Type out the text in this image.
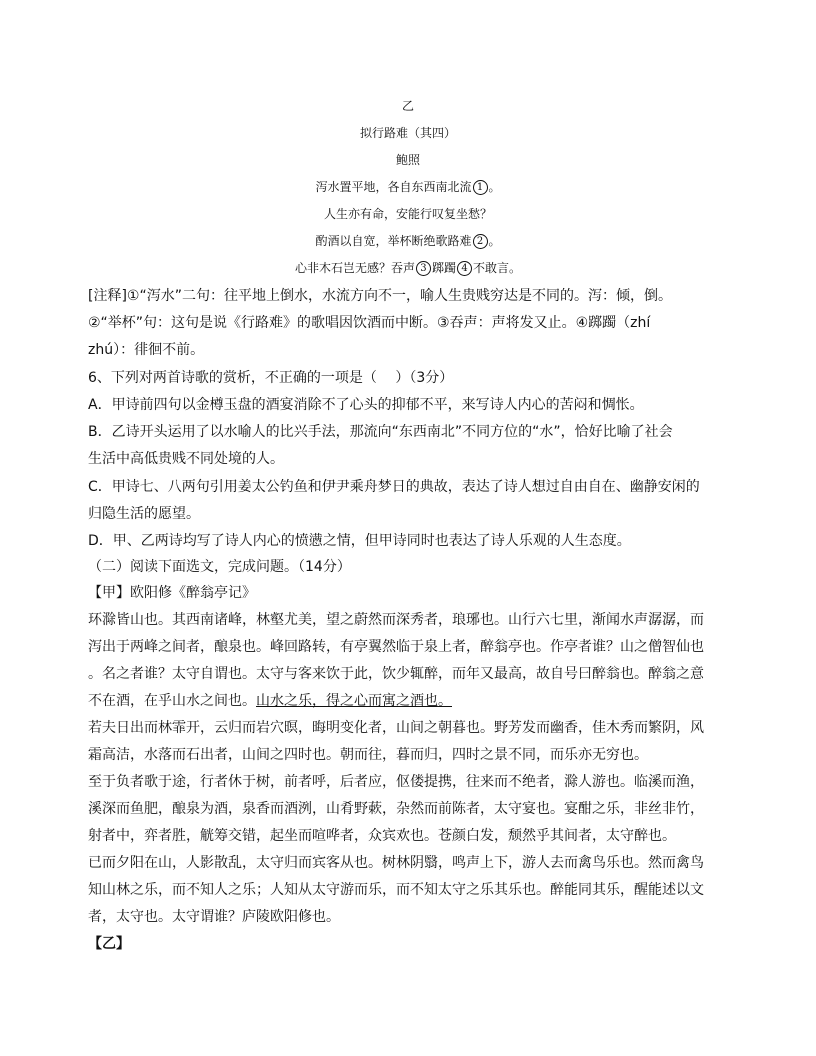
乙
拟行路难（其四）
鲍照
泻水置平地，各自东西南北流 1 。
人生亦有命，安能行叹复坐愁？
酌酒以自宽，举杯断绝歌路难 2 。
心非木石岂无感？吞声 3 踯躅 4 不敢言。
[注释]①“泻水”二句：往平地上倒水，水流方向不一，喻人生贵贱穷达是不同的。泻：倾，倒。
②“举杯”句：这句是说《行路难》的歌唱因饮酒而中断。③吞声：声将发又止。④踯躅（zhí
zhú）：徘徊不前。
6、下列对两首诗歌的赏析，不正确的一项是（　 ）（3分）
A．甲诗前四句以金樽玉盘的酒宴消除不了心头的抑郁不平，来写诗人内心的苦闷和惆怅。
B．乙诗开头运用了以水喻人的比兴手法，那流向“东西南北”不同方位的“水”，恰好比喻了社会
生活中高低贵贱不同处境的人。
C．甲诗七、八两句引用姜太公钓鱼和伊尹乘舟梦日的典故，表达了诗人想过自由自在、幽静安闲的
归隐生活的愿望。
D．甲、乙两诗均写了诗人内心的愤懑之情，但甲诗同时也表达了诗人乐观的人生态度。
（二）阅读下面选文，完成问题。（14分）
【甲】欧阳修《醉翁亭记》
环滁皆山也。其西南诸峰，林壑尤美，望之蔚然而深秀者，琅琊也。山行六七里，渐闻水声潺潺，而
泻出于两峰之间者，酿泉也。峰回路转，有亭翼然临于泉上者，醉翁亭也。作亭者谁？山之僧智仙也
。名之者谁？太守自谓也。太守与客来饮于此，饮少辄醉，而年又最高，故自号曰醉翁也。醉翁之意
不在酒，在乎山水之间也。山水之乐，得之心而寓之酒也。
若夫日出而林霏开，云归而岩穴暝，晦明变化者，山间之朝暮也。野芳发而幽香，佳木秀而繁阴，风
霜高洁，水落而石出者，山间之四时也。朝而往，暮而归，四时之景不同，而乐亦无穷也。
至于负者歌于途，行者休于树，前者呼，后者应，伛偻提携，往来而不绝者，滁人游也。临溪而渔，
溪深而鱼肥，酿泉为酒，泉香而酒洌，山肴野蔌，杂然而前陈者，太守宴也。宴酣之乐，非丝非竹，
射者中，弈者胜，觥筹交错，起坐而喧哗者，众宾欢也。苍颜白发，颓然乎其间者，太守醉也。
已而夕阳在山，人影散乱，太守归而宾客从也。树林阴翳，鸣声上下，游人去而禽鸟乐也。然而禽鸟
知山林之乐，而不知人之乐；人知从太守游而乐，而不知太守之乐其乐也。醉能同其乐，醒能述以文
者，太守也。太守谓谁？庐陵欧阳修也。
【乙】
